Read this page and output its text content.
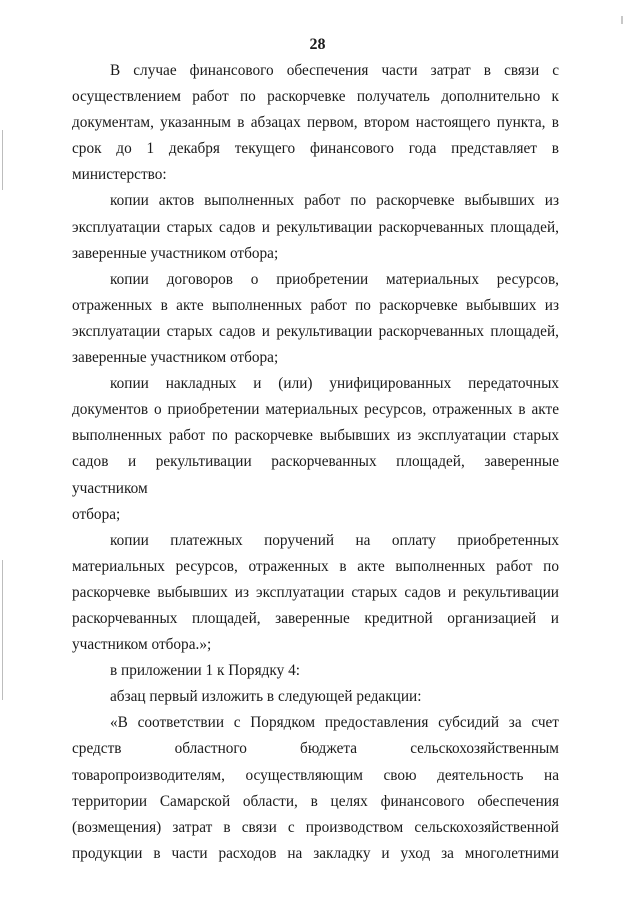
28
В случае финансового обеспечения части затрат в связи с
осуществлением работ по раскорчевке получатель дополнительно к
документам, указанным в абзацах первом, втором настоящего пункта, в
срок до 1 декабря текущего финансового года представляет в
министерство:
копии актов выполненных работ по раскорчевке выбывших из
эксплуатации старых садов и рекультивации раскорчеванных площадей,
заверенные участником отбора;
копии договоров о приобретении материальных ресурсов,
отраженных в акте выполненных работ по раскорчевке выбывших из
эксплуатации старых садов и рекультивации раскорчеванных площадей,
заверенные участником отбора;
копии накладных и (или) унифицированных передаточных
документов о приобретении материальных ресурсов, отраженных в акте
выполненных работ по раскорчевке выбывших из эксплуатации старых
садов и рекультивации раскорчеванных площадей, заверенные участником
отбора;
копии платежных поручений на оплату приобретенных
материальных ресурсов, отраженных в акте выполненных работ по
раскорчевке выбывших из эксплуатации старых садов и рекультивации
раскорчеванных площадей, заверенные кредитной организацией и
участником отбора.»;
в приложении 1 к Порядку 4:
абзац первый изложить в следующей редакции:
«В соответствии с Порядком предоставления субсидий за счет
средств областного бюджета сельскохозяйственным
товаропроизводителям, осуществляющим свою деятельность на
территории Самарской области, в целях финансового обеспечения
(возмещения) затрат в связи с производством сельскохозяйственной
продукции в части расходов на закладку и уход за многолетними
